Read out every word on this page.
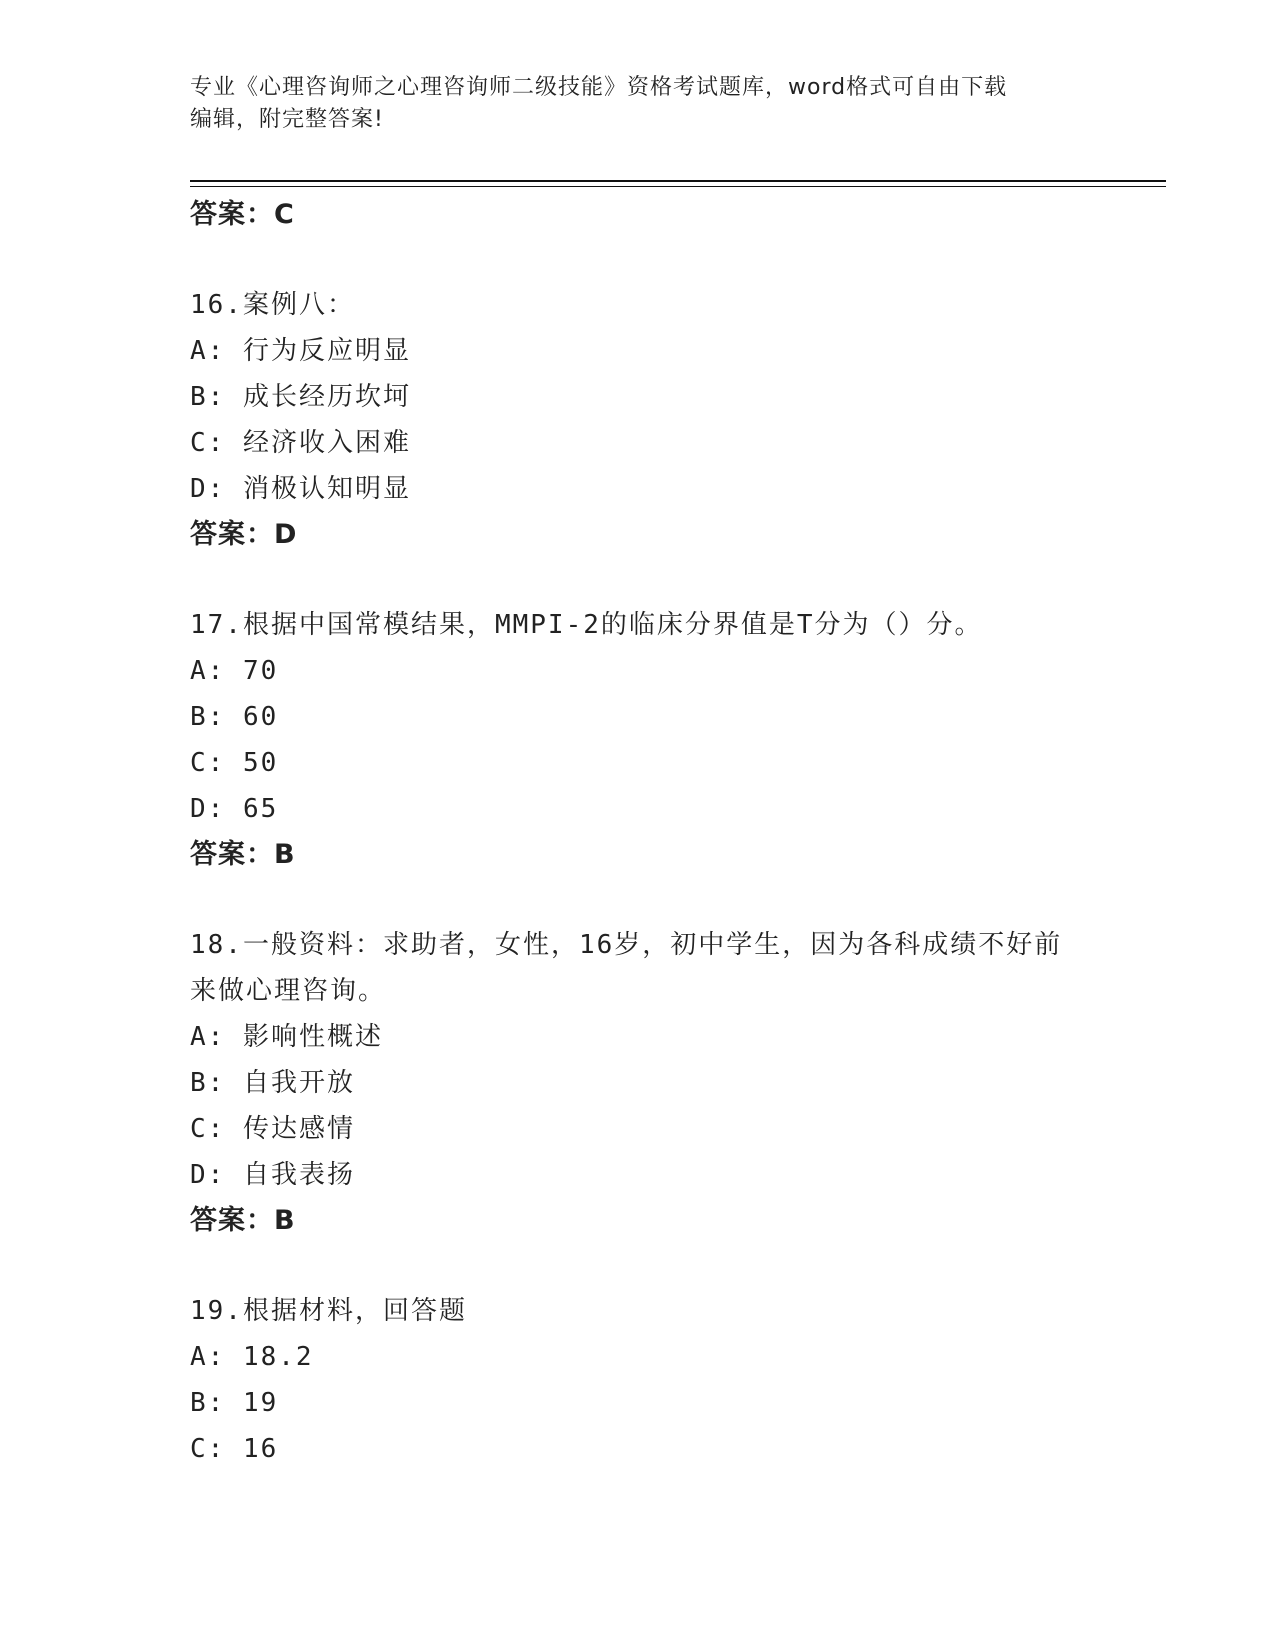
专业《心理咨询师之心理咨询师二级技能》资格考试题库，word格式可自由下载
编辑，附完整答案!
答案：C
16.案例八：
A: 行为反应明显
B: 成长经历坎坷
C: 经济收入困难
D: 消极认知明显
答案：D
17.根据中国常模结果，MMPI-2的临床分界值是T分为（）分。
A: 70
B: 60
C: 50
D: 65
答案：B
18.一般资料：求助者，女性，16岁，初中学生，因为各科成绩不好前
来做心理咨询。
A: 影响性概述
B: 自我开放
C: 传达感情
D: 自我表扬
答案：B
19.根据材料，回答题
A: 18.2
B: 19
C: 16
